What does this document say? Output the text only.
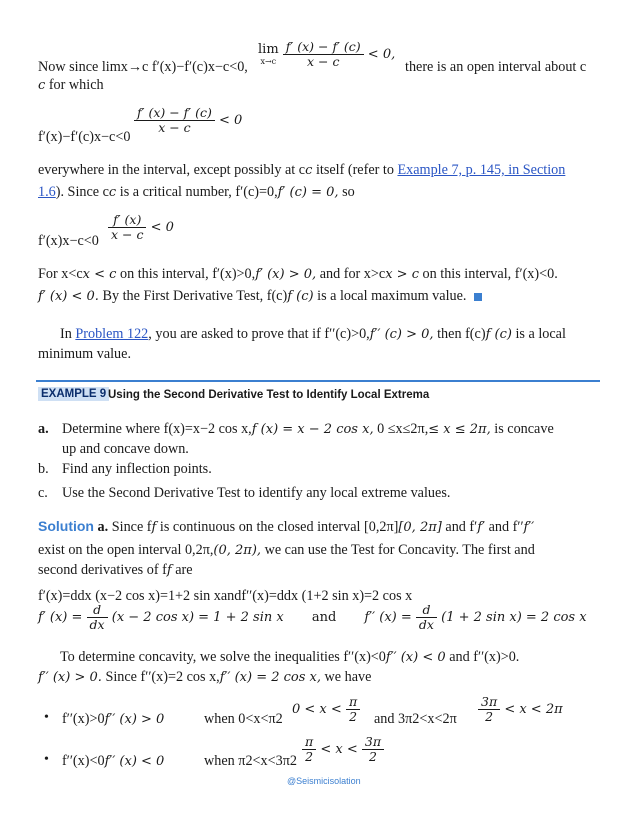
Now since limx→c f′(x)−f′(c)x−c<0,
lim
x→c
$\frac{f' (x) - f' (c)}{x - c} < 0$,
there is an open interval about c
c for which
f′(x)−f′(c)x−c<0
$\frac{f' (x) - f' (c)}{x - c} < 0$
everywhere in the interval, except possibly at cc itself (refer to Example 7, p. 145, in Section
1.6). Since cc is a critical number, f′(c)=0,f′ (c) = 0, so
$f'(x)x-c<0 \frac{f' (x)}{x - c} < 0$
For x<cx < c on this interval, f′(x)>0,f′ (x) > 0, and for x>cx > c on this interval, f′(x)<0.
f′ (x) < 0. By the First Derivative Test, f(c)f (c) is a local maximum value.
In Problem 122, you are asked to prove that if f′′(c)>0,f′′ (c) > 0, then f(c)f (c) is a local
minimum value.
EXAMPLE 9 Using the Second Derivative Test to Identify Local Extrema
a. Determine where f(x)=x−2 cos x,f (x) = x − 2 cos x, 0 ≤x≤2π,≤ x ≤ 2π, is concave
up and concave down.
b. Find any inflection points.
c. Use the Second Derivative Test to identify any local extreme values.
Solution a. Since ff is continuous on the closed interval [0,2π][0, 2π] and f′f′ and f′′f′′
exist on the open interval 0,2π,(0, 2π), we can use the Test for Concavity. The first and
second derivatives of ff are
f′(x)=ddx (x−2 cos x)=1+2 sin xandf′′(x)=ddx (1+2 sin x)=2 cos x
f′ $(x) = \frac{d}{dx} (x - 2$ cos x) = 1 + 2 sin x and f′′ $(x) = \frac{d}{dx} (1 + 2$ sin x) = 2 cos x
To determine concavity, we solve the inequalities f′′(x)<0f′′ (x) < 0 and f′′(x)>0.
f′′ (x) > 0. Since f′′(x)=2 cos x,f′′ (x) = 2 cos x, we have
• f′′(x)>0f′′ (x) > 0	when 0<x<π2
$0 < x < \frac{\pi}{2}$ and $3\pi 2<x<2\pi \frac{3\pi}{2} < x < 2\pi$
• f′′(x)<0f′′ (x) < 0	when $\pi 2<x<3\pi 2 \frac{\pi}{2} < x < \frac{3\pi}{2}$
@Seismicisolation
